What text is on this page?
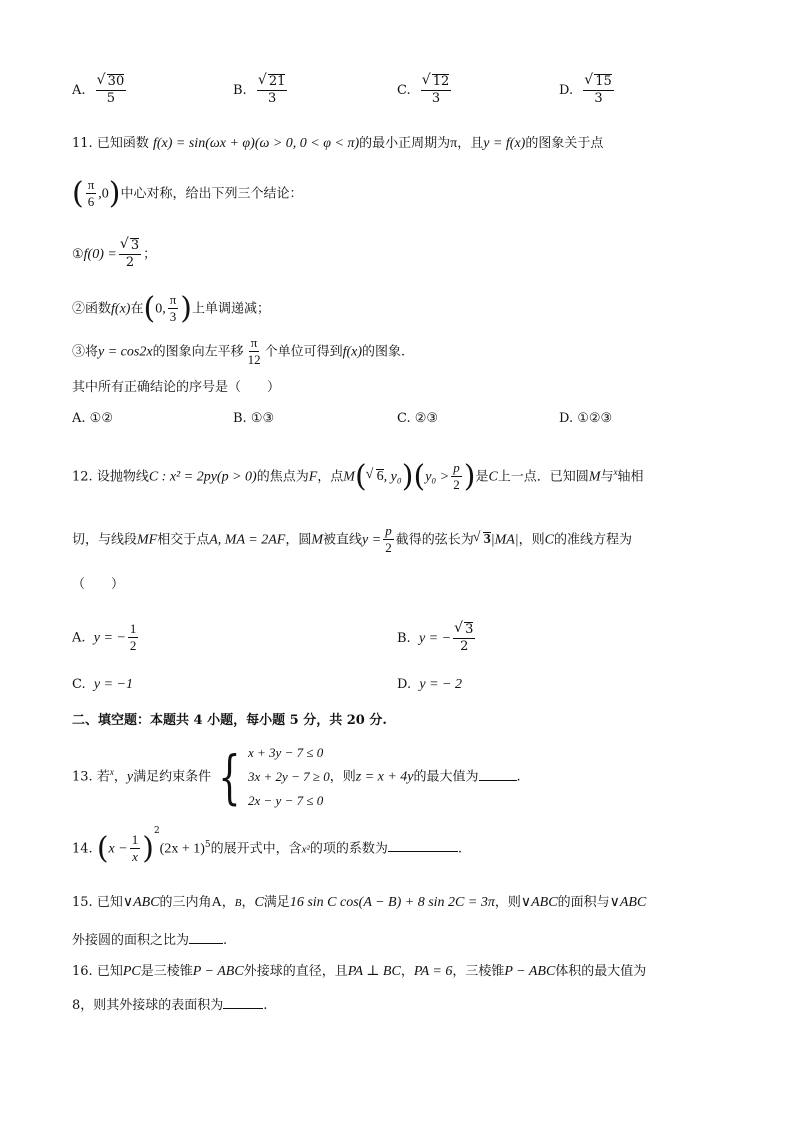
A. √ $\frac{30}{5}$	B. √ $\frac{21}{3}$	C. √ $\frac{12}{3}$	D. √ $\frac{15}{3}$
11. 已知函数 f(x) = sin(ωx + φ)(ω > 0, 0 < φ < π)的最小正周期为π，且y = f(x)的图象关于点
( $\frac{\pi}{6} ,0$)中心对称，给出下列三个结论：
①f(0) = √ $\frac{3}{2}$ ；
②函数f(x)在(0, $\frac{\pi}{3}$ )上单调递减；
③将y = cos2x的图象向左平移 $\frac{\pi}{12}$ 个单位可得到f(x)的图象.
其中所有正确结论的序号是（　　）
A. ①②	B. ①③	C. ②③	D. ①②③
12. 设抛物线C : x² = 2py(p > 0)的焦点为F，点M( √ 6, $y_0)(y_0 > \frac{p}{2}$ )是C上一点．已知圆M与$^x$轴相
切，与线段MF相交于点A, MA = 2AF，圆M被直线$y = \frac{p}{2}$ 截得的弦长为 √ 3|MA|，则C的准线方程为
（　　）
A. y = − $\frac{1}{2}$	B. y = − √ $\frac{3}{2}$
C. y = −1	D. y = − 2
二、填空题：本题共 4 小题，每小题 5 分，共 20 分.
13. 若$^x$，y满足约束条件 { x + 3y − 7 ≤ 0
3x + 2y − 7 ≥ 0
2x − y − 7 ≤ 0
，则z = x + 4y的最大值为	.
14. $(x - \frac{1}{x} )^2(2x + 1)^5$的展开式中，含x²的项的系数为	.
15. 已知∨ABC的三内角A，B，C满足16 sin C cos(A − B) + 8 sin 2C = 3π，则∨ABC的面积与∨ABC
外接圆的面积之比为	.
16. 已知PC是三棱锥P − ABC外接球的直径，且PA ⊥ BC，PA = 6，三棱锥P − ABC体积的最大值为
8，则其外接球的表面积为	.
